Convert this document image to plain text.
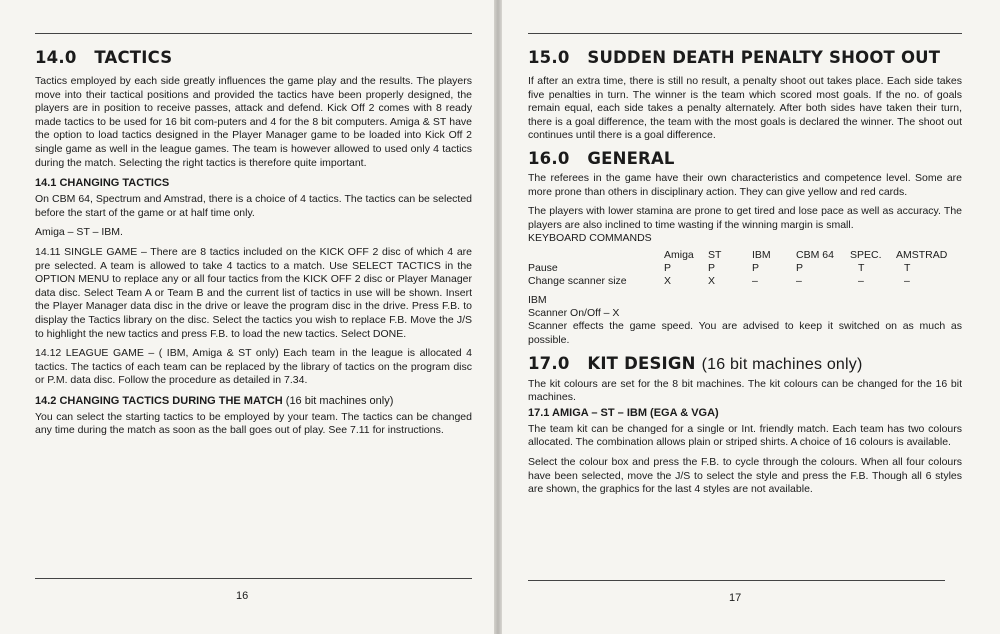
14.0 TACTICS

Tactics employed by each side greatly influences the game play and the results. The players move into their tactical positions and provided the tactics have been properly designed, the players are in position to receive passes, attack and defend. Kick Off 2 comes with 8 ready made tactics to be used for 16 bit com-puters and 4 for the 8 bit computers. Amiga & ST have the option to load tactics designed in the Player Manager game to be loaded into Kick Off 2 single game as well in the league games. The team is however allowed to used only 4 tactics during the match. Selecting the right tactics is therefore quite important.

14.1 CHANGING TACTICS

On CBM 64, Spectrum and Amstrad, there is a choice of 4 tactics. The tactics can be selected before the start of the game or at half time only.

Amiga – ST – IBM.

14.11 SINGLE GAME – There are 8 tactics included on the KICK OFF 2 disc of which 4 are pre selected. A team is allowed to take 4 tactics to a match. Use SELECT TACTICS in the OPTION MENU to replace any or all four tactics from the KICK OFF 2 disc or Player Manager data disc. Select Team A or Team B and the current list of tactics in use will be shown. Insert the Player Manager data disc in the drive or leave the program disc in the drive. Press F.B. to display the Tactics library on the disc. Select the tactics you wish to replace F.B. Move the J/S to highlight the new tactics and press F.B. to load the new tactics. Select DONE.

14.12 LEAGUE GAME – ( IBM, Amiga & ST only) Each team in the league is allocated 4 tactics. The tactics of each team can be replaced by the library of tactics on the program disc or P.M. data disc. Follow the procedure as detailed in 7.34.

14.2 CHANGING TACTICS DURING THE MATCH (16 bit machines only)

You can select the starting tactics to be employed by your team. The tactics can be changed any time during the match as soon as the ball goes out of play. See 7.11 for instructions.

16
15.0 SUDDEN DEATH PENALTY SHOOT OUT

If after an extra time, there is still no result, a penalty shoot out takes place. Each side takes five penalties in turn. The winner is the team which scored most goals. If the no. of goals remain equal, each side takes a penalty alternately. After both sides have taken their turn, there is a goal difference, the team with the most goals is declared the winner. The shoot out continues until there is a goal difference.

16.0 GENERAL

The referees in the game have their own characteristics and competence level. Some are more prone than others in disciplinary action. They can give yellow and red cards.

The players with lower stamina are prone to get tired and lose pace as well as accuracy. The players are also inclined to time wasting if the winning margin is small.

KEYBOARD COMMANDS

	Amiga	ST	IBM	CBM 64	SPEC.	AMSTRAD
Pause	P	P	P	P	T	T
Change scanner size	X	X	–	–	–	–

IBM

Scanner On/Off – X

Scanner effects the game speed. You are advised to keep it switched on as much as possible.

17.0 KIT DESIGN (16 bit machines only)

The kit colours are set for the 8 bit machines. The kit colours can be changed for the 16 bit machines.

17.1 AMIGA – ST – IBM (EGA & VGA)

The team kit can be changed for a single or Int. friendly match. Each team has two colours allocated. The combination allows plain or striped shirts. A choice of 16 colours is available.

Select the colour box and press the F.B. to cycle through the colours. When all four colours have been selected, move the J/S to select the style and press the F.B. Though all 6 styles are shown, the graphics for the last 4 styles are not available.

17
